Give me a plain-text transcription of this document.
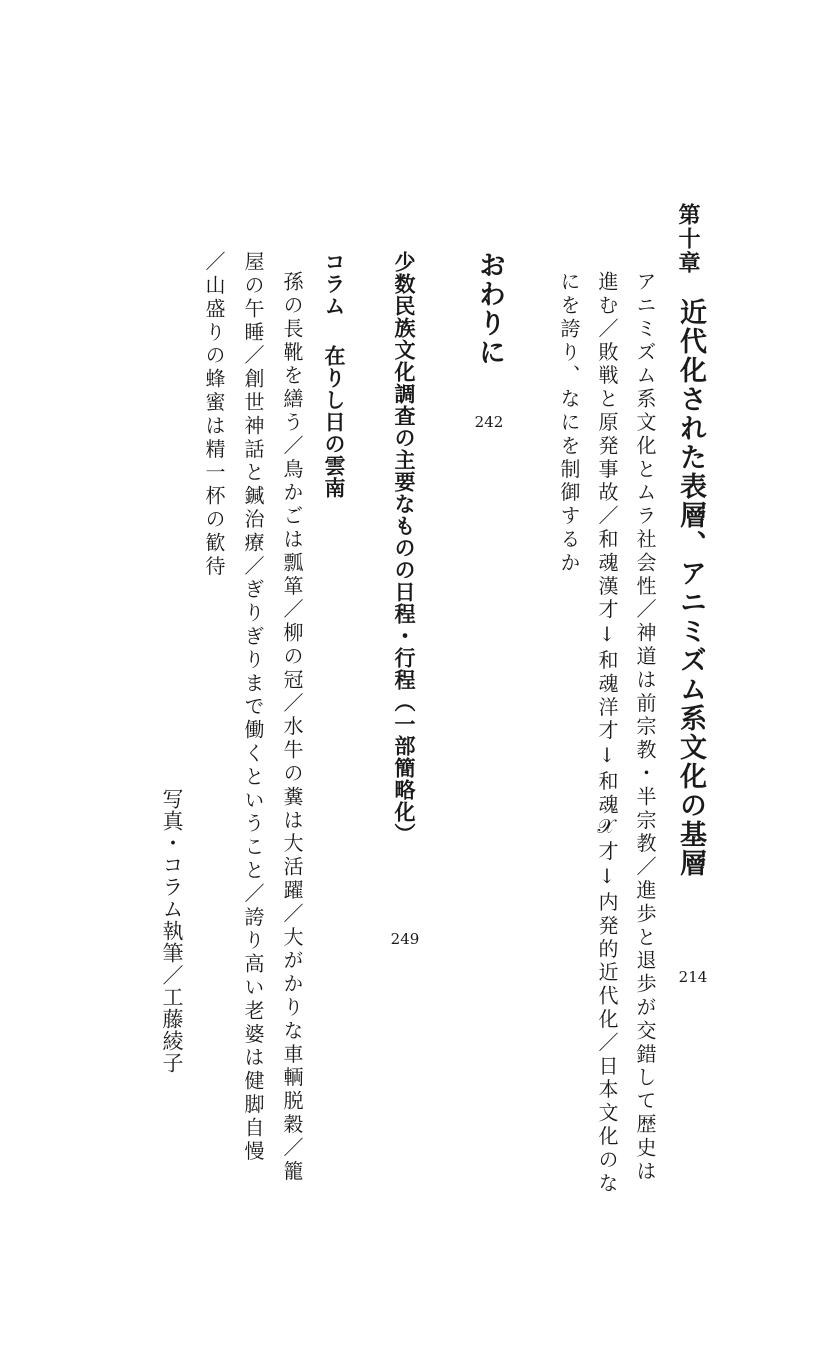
第十章
近代化された表層、アニミズム系文化の基層
214
アニミズム系文化とムラ社会性／神道は前宗教・半宗教／進歩と退歩が交錯して歴史は
進む／敗戦と原発事故／和魂漢才↓和魂洋才↓和魂𝒳才↓内発的近代化／日本文化のな
にを誇り、なにを制御するか
おわりに
242
少数民族文化調査の主要なものの日程・行程（一部簡略化）
249
コラム
在りし日の雲南
孫の長靴を繕う／鳥かごは瓢箪／柳の冠／水牛の糞は大活躍／大がかりな車輌脱穀／籠
屋の午睡／創世神話と鍼治療／ぎりぎりまで働くということ／誇り高い老婆は健脚自慢
／山盛りの蜂蜜は精一杯の歓待
写真・コラム執筆／工藤綾子
